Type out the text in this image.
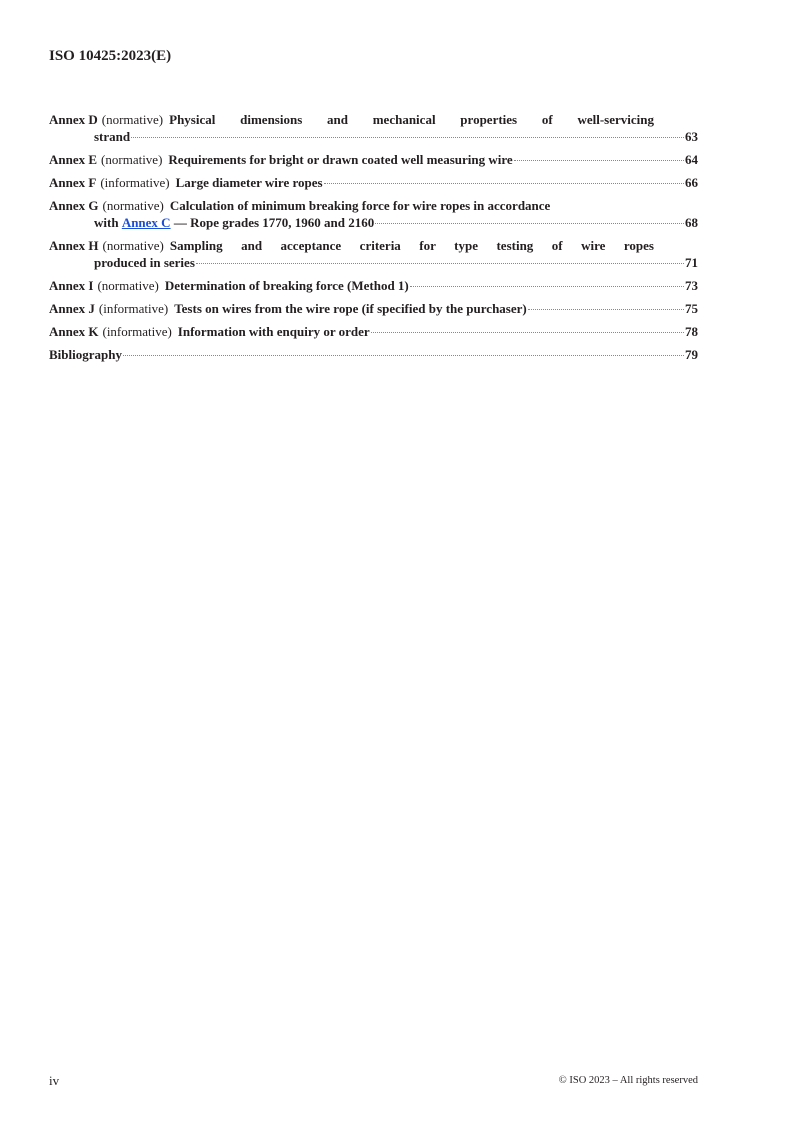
ISO 10425:2023(E)
Annex D (normative) Physical dimensions and mechanical properties of well-servicing
strand	63
Annex E (normative) Requirements for bright or drawn coated well measuring wire	64
Annex F (informative) Large diameter wire ropes	66
Annex G (normative) Calculation of minimum breaking force for wire ropes in accordance
with
Annex C
— Rope grades 1770, 1960 and 2160	68
Annex H (normative) Sampling and acceptance criteria for type testing of wire ropes
produced in series	71
Annex I (normative) Determination of breaking force (Method 1)	73
Annex J (informative) Tests on wires from the wire rope (if specified by the purchaser)	75
Annex K (informative) Information with enquiry or order	78
Bibliography	79
iv	© ISO 2023 – All rights reserved
